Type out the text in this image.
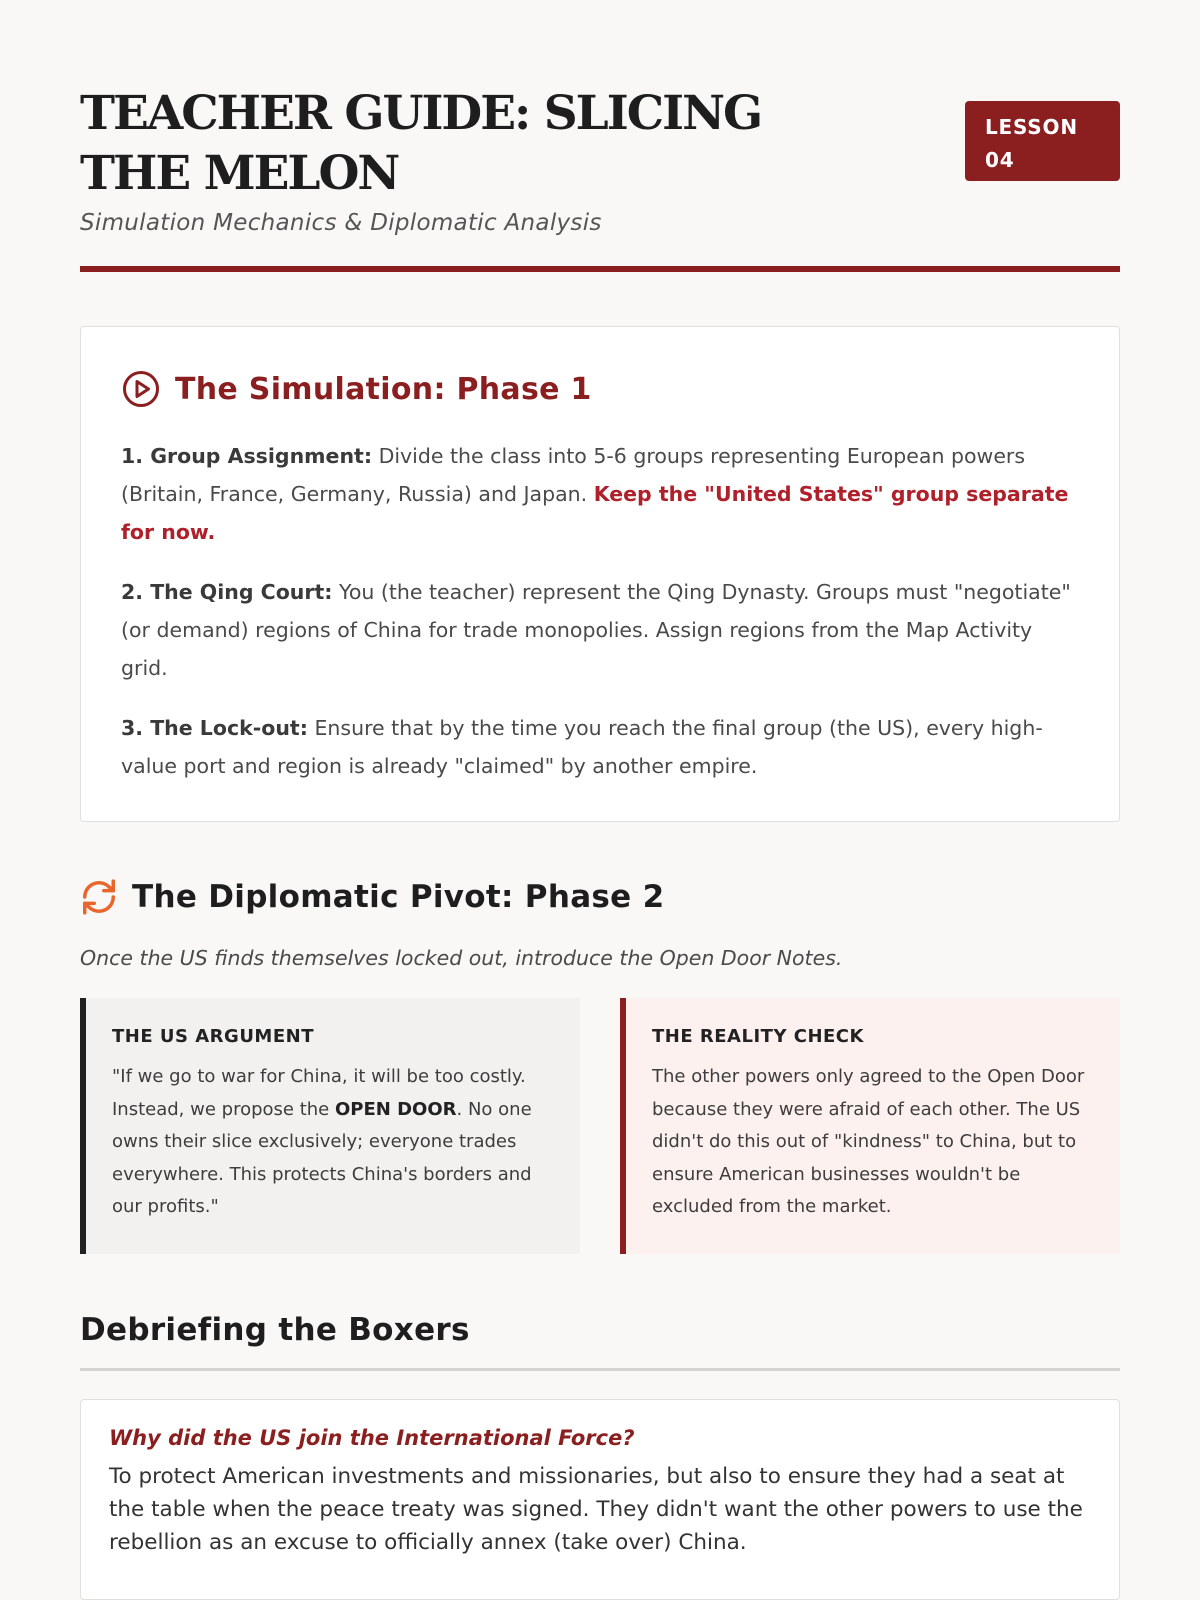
TEACHER GUIDE: SLICING THE MELON

Simulation Mechanics & Diplomatic Analysis

LESSON
04
The Simulation: Phase 1

1. Group Assignment: Divide the class into 5-6 groups representing European powers (Britain, France, Germany, Russia) and Japan. Keep the "United States" group separate for now.

2. The Qing Court: You (the teacher) represent the Qing Dynasty. Groups must "negotiate" (or demand) regions of China for trade monopolies. Assign regions from the Map Activity grid.

3. The Lock-out: Ensure that by the time you reach the final group (the US), every high-value port and region is already "claimed" by another empire.

The Diplomatic Pivot: Phase 2

Once the US finds themselves locked out, introduce the Open Door Notes.

THE US ARGUMENT

"If we go to war for China, it will be too costly. Instead, we propose the OPEN DOOR. No one owns their slice exclusively; everyone trades everywhere. This protects China's borders and our profits."

THE REALITY CHECK

The other powers only agreed to the Open Door because they were afraid of each other. The US didn't do this out of "kindness" to China, but to ensure American businesses wouldn't be excluded from the market.

Debriefing the Boxers

Why did the US join the International Force?

To protect American investments and missionaries, but also to ensure they had a seat at the table when the peace treaty was signed. They didn't want the other powers to use the rebellion as an excuse to officially annex (take over) China.
